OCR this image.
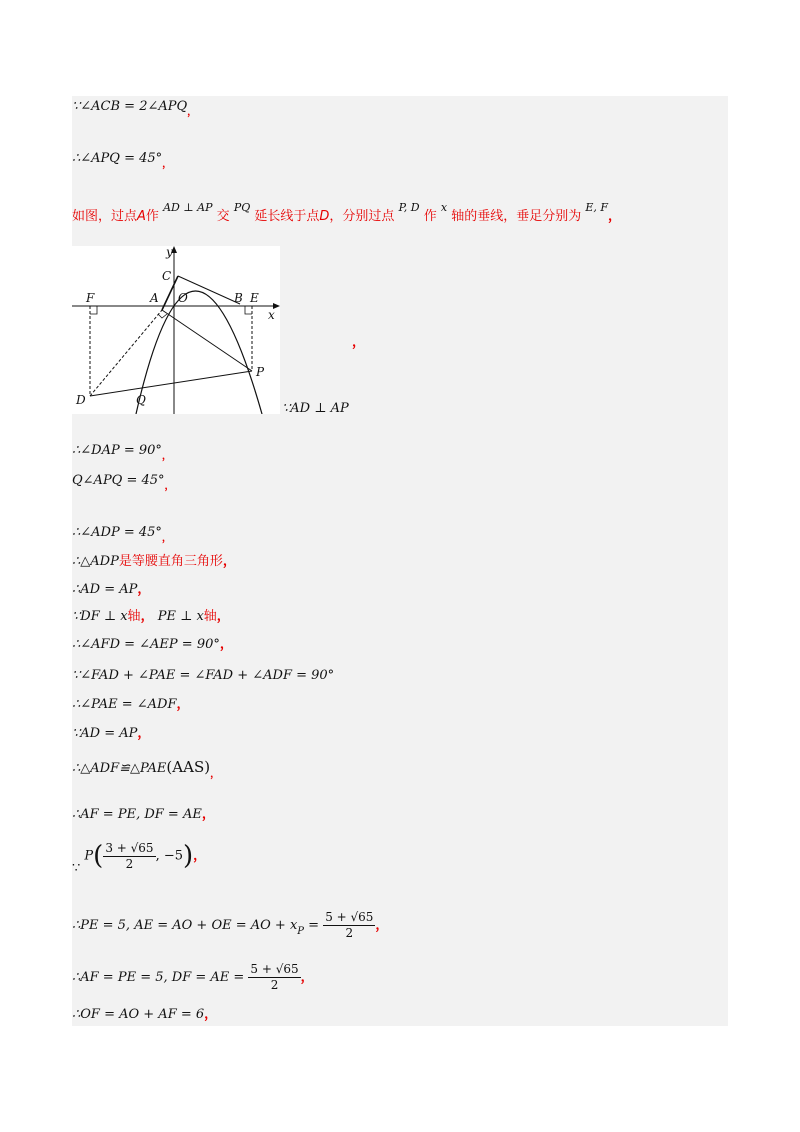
∵∠ACB = $2\angle APQ_,$
∴∠APQ = $45^\circ_,$
如图，过点A作 $^{AD \perp AP}$ 交 $^{PQ}$ 延长线于点D，分别过点 $^{P, D}$ 作 $^x$ 轴的垂线，垂足分别为 $^{E, F}$，
y
x
C
F	A O	B E
D	Q
P
，
∵AD ⊥ AP
∴∠DAP = $90^\circ_,$
Q∠APQ = $45^\circ_,$
∴∠ADP = $45^\circ_,$
∴△ADP是等腰直角三角形，
∴AD = AP，
∵DF ⊥ x轴， PE ⊥ x轴，
∴∠AFD = ∠AEP = 90°，
∵∠FAD + ∠PAE = ∠FAD + ∠ADF = 90°
∴∠PAE = ∠ADF，
∵AD = AP，
$\therefore\triangle ADF≌\triangle PAE(AAS)_,$
∴AF = PE, DF = AE，
∵ $P( \frac{3 + √65}{2}$ , −5)，
∴PE = 5, AE = AO + OE = AO + $x_P = \frac{5 + √65}{2}$ ，
∴AF = PE = 5, DF = AE = $\frac{5 + √65}{2}$ ，
∴OF = AO + AF = 6，
